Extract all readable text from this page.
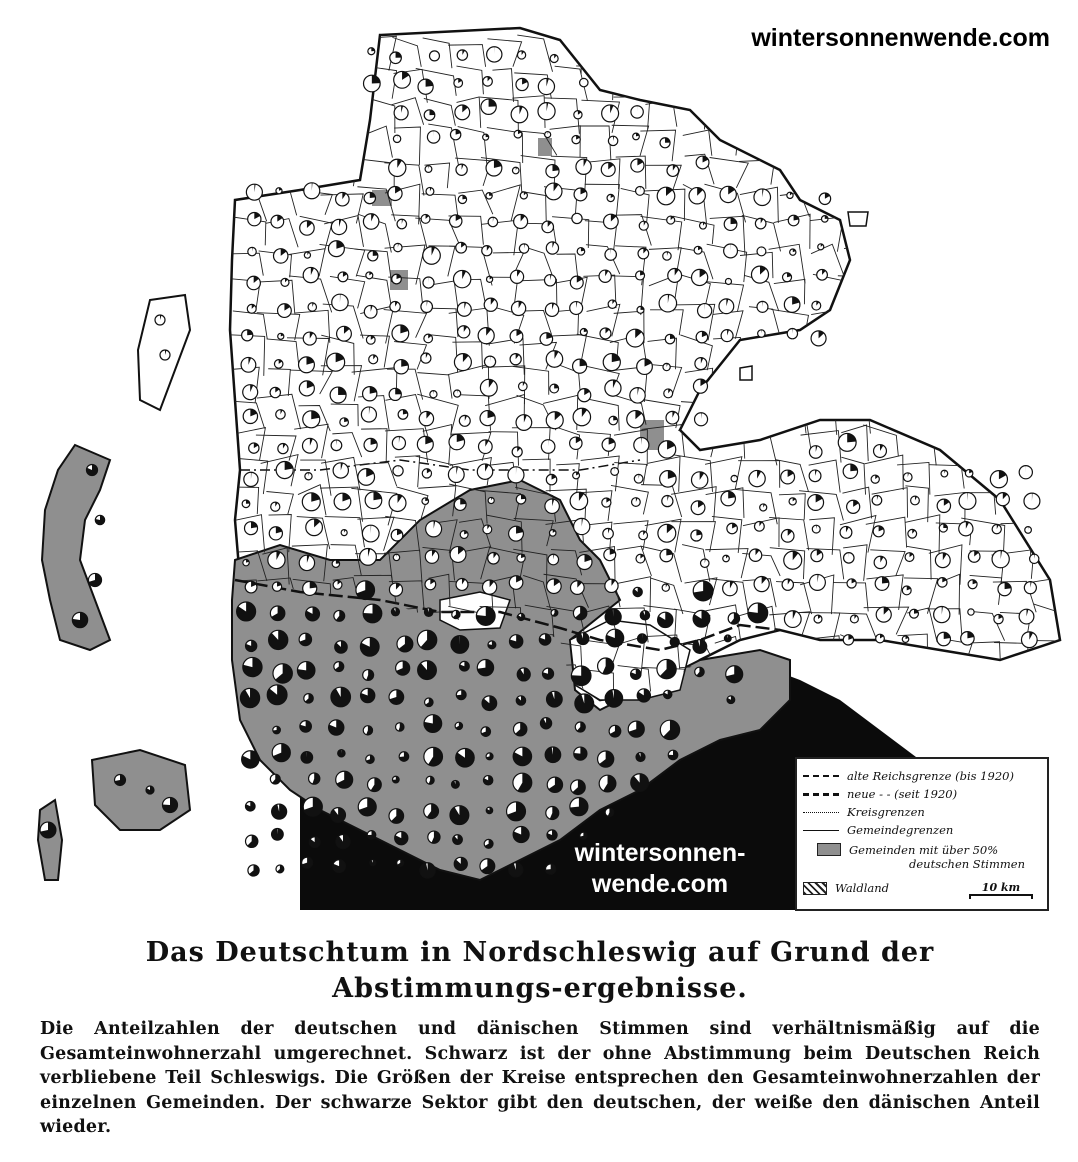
wintersonnenwende.com
wintersonnen-
wende.com
alte Reichsgrenze (bis 1920)
neue - - (seit 1920)
Kreisgrenzen
Gemeindegrenzen
Gemeinden mit über 50%
deutschen Stimmen
Waldland	10 km
Das Deutschtum in Nordschleswig auf Grund der Abstimmungs-ergebnisse.

Die Anteilzahlen der deutschen und dänischen Stimmen sind verhältnismäßig auf die Gesamteinwohnerzahl umgerechnet. Schwarz ist der ohne Abstimmung beim Deutschen Reich verbliebene Teil Schleswigs. Die Größen der Kreise entsprechen den Gesamteinwohnerzahlen der einzelnen Gemeinden. Der schwarze Sektor gibt den deutschen, der weiße den dänischen Anteil wieder.
